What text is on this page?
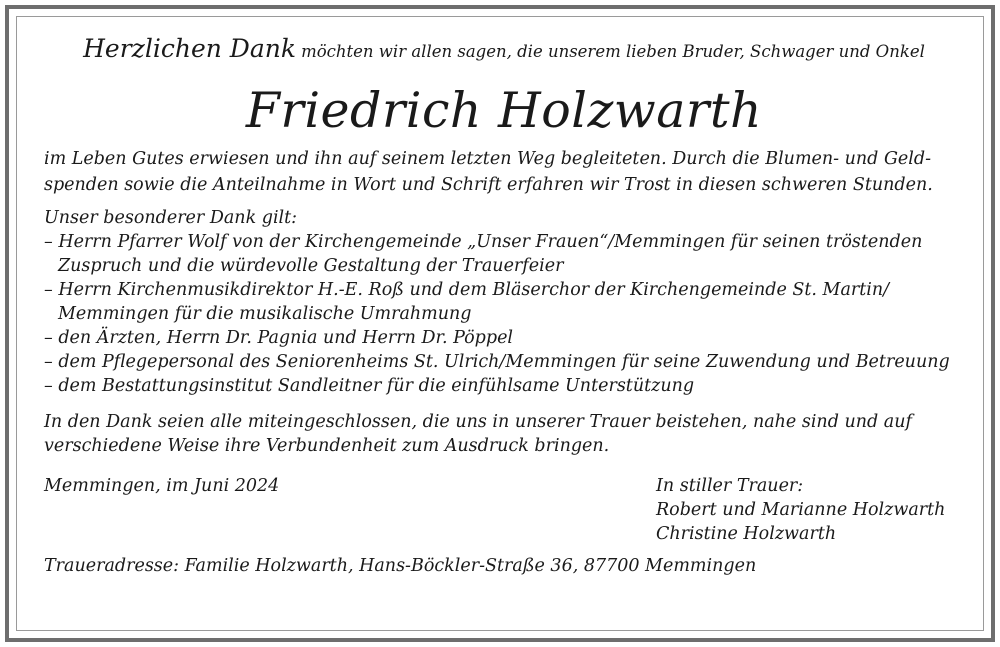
Herzlichen Dank möchten wir allen sagen, die unserem lieben Bruder, Schwager und Onkel
Friedrich Holzwarth
im Leben Gutes erwiesen und ihn auf seinem letzten Weg begleiteten. Durch die Blumen- und Geld-
spenden sowie die Anteilnahme in Wort und Schrift erfahren wir Trost in diesen schweren Stunden.
Unser besonderer Dank gilt:
– Herrn Pfarrer Wolf von der Kirchengemeinde „Unser Frauen“/Memmingen für seinen tröstenden
Zuspruch und die würdevolle Gestaltung der Trauerfeier
– Herrn Kirchenmusikdirektor H.-E. Roß und dem Bläserchor der Kirchengemeinde St. Martin/
Memmingen für die musikalische Umrahmung
– den Ärzten, Herrn Dr. Pagnia und Herrn Dr. Pöppel
– dem Pflegepersonal des Seniorenheims St. Ulrich/Memmingen für seine Zuwendung und Betreuung
– dem Bestattungsinstitut Sandleitner für die einfühlsame Unterstützung
In den Dank seien alle miteingeschlossen, die uns in unserer Trauer beistehen, nahe sind und auf
verschiedene Weise ihre Verbundenheit zum Ausdruck bringen.
Memmingen, im Juni 2024	In stiller Trauer:
Robert und Marianne Holzwarth
Christine Holzwarth
Traueradresse: Familie Holzwarth, Hans-Böckler-Straße 36, 87700 Memmingen
